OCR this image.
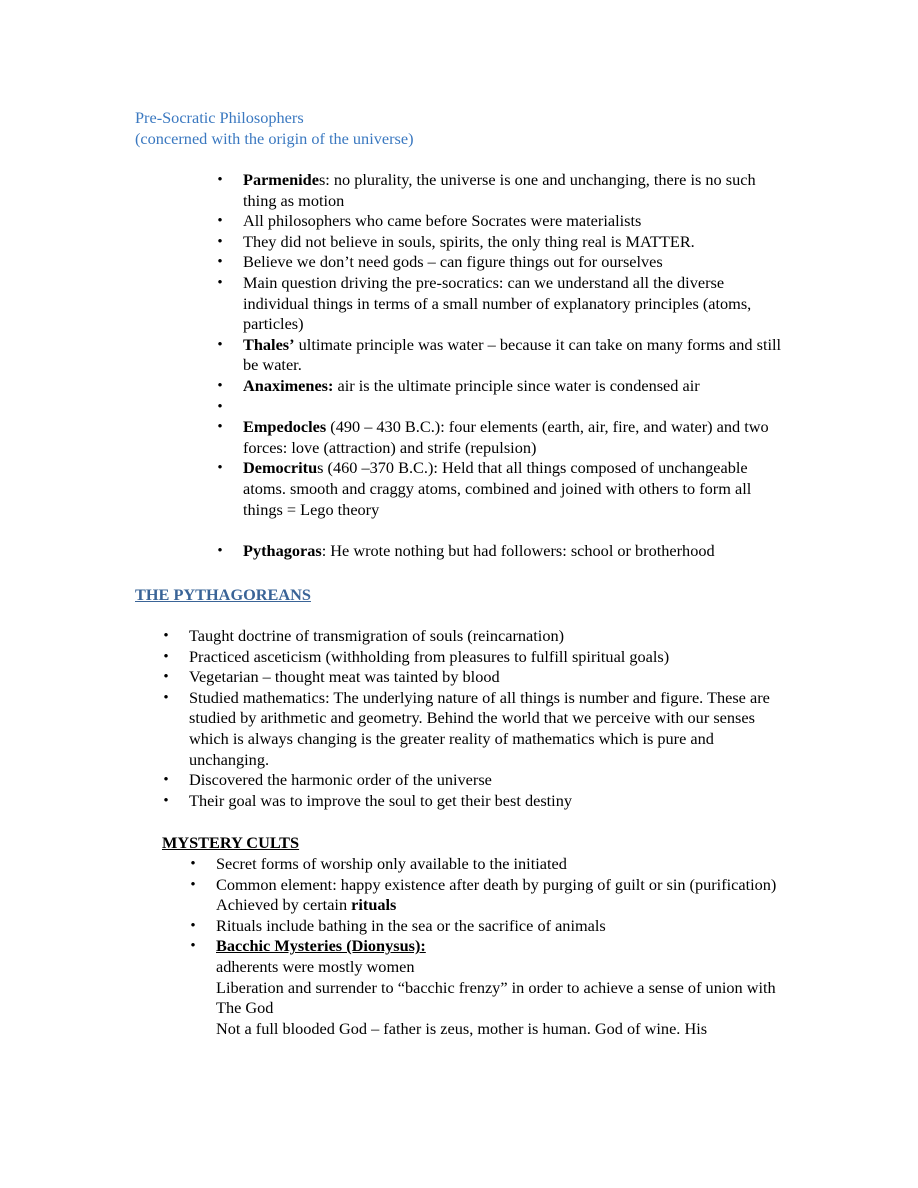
Pre-Socratic Philosophers
(concerned with the origin of the universe)
• Parmenides: no plurality, the universe is one and unchanging, there is no such thing as motion
• All philosophers who came before Socrates were materialists
• They did not believe in souls, spirits, the only thing real is MATTER.
• Believe we don’t need gods – can figure things out for ourselves
• Main question driving the pre-socratics: can we understand all the diverse individual things in terms of a small number of explanatory principles (atoms, particles)
• Thales’ ultimate principle was water – because it can take on many forms and still be water.
• Anaximenes: air is the ultimate principle since water is condensed air
•
• Empedocles (490 – 430 B.C.): four elements (earth, air, fire, and water) and two forces: love (attraction) and strife (repulsion)
• Democritus (460 –370 B.C.): Held that all things composed of unchangeable atoms. smooth and craggy atoms, combined and joined with others to form all things = Lego theory
• Pythagoras: He wrote nothing but had followers: school or brotherhood
THE PYTHAGOREANS
• Taught doctrine of transmigration of souls (reincarnation)
• Practiced asceticism (withholding from pleasures to fulfill spiritual goals)
• Vegetarian – thought meat was tainted by blood
• Studied mathematics: The underlying nature of all things is number and figure. These are studied by arithmetic and geometry. Behind the world that we perceive with our senses which is always changing is the greater reality of mathematics which is pure and unchanging.
• Discovered the harmonic order of the universe
• Their goal was to improve the soul to get their best destiny
MYSTERY CULTS
• Secret forms of worship only available to the initiated
• Common element: happy existence after death by purging of guilt or sin (purification) Achieved by certain rituals
• Rituals include bathing in the sea or the sacrifice of animals
• Bacchic Mysteries (Dionysus):
adherents were mostly women
Liberation and surrender to “bacchic frenzy” in order to achieve a sense of union with The God
Not a full blooded God – father is zeus, mother is human. God of wine. His
